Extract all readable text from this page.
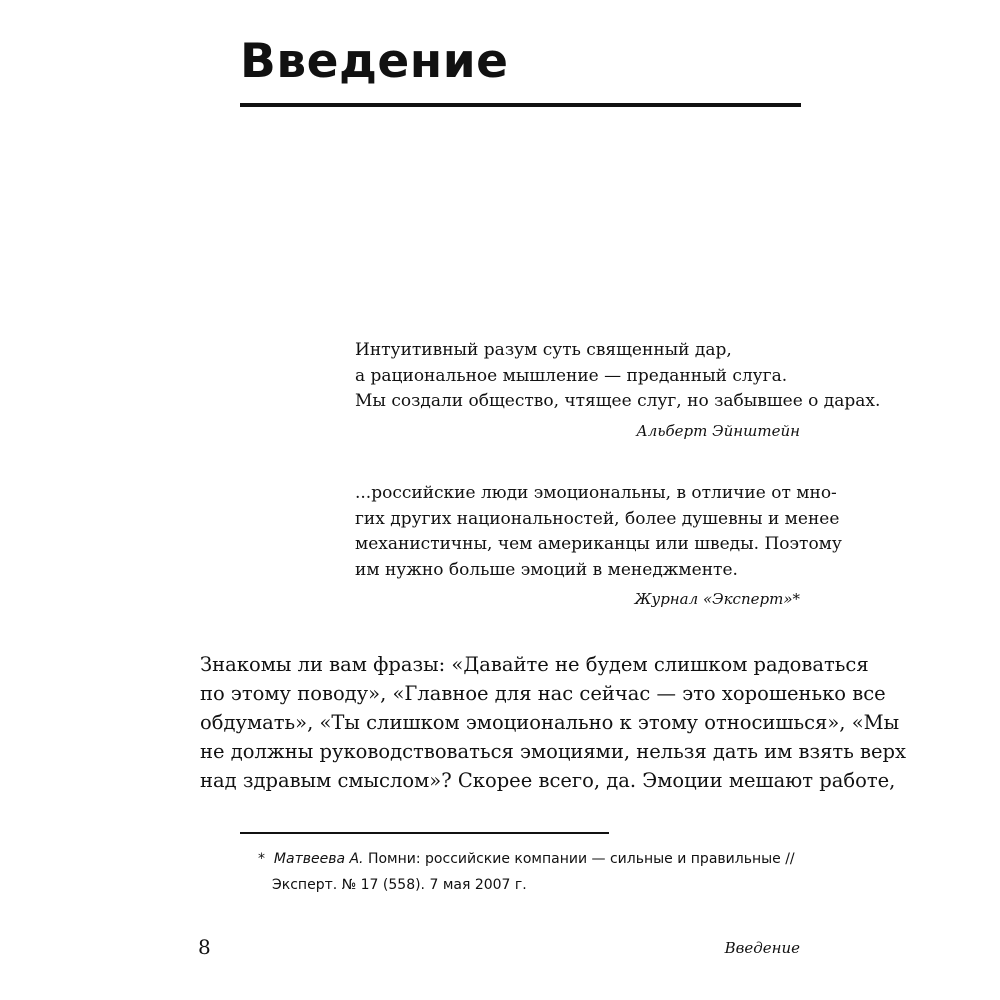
Введение
Интуитивный разум суть священный дар,
а рациональное мышление — преданный слуга.
Мы создали общество, чтящее слуг, но забывшее о дарах.
Альберт Эйнштейн
...российские люди эмоциональны, в отличие от мно-
гих других национальностей, более душевны и менее
механистичны, чем американцы или шведы. Поэтому
им нужно больше эмоций в менеджменте.
Журнал «Эксперт»*
Знакомы ли вам фразы: «Давайте не будем слишком радоваться
по этому поводу», «Главное для нас сейчас — это хорошенько все
обдумать», «Ты слишком эмоционально к этому относишься», «Мы
не должны руководствоваться эмоциями, нельзя дать им взять верх
над здравым смыслом»? Скорее всего, да. Эмоции мешают работе,
* Матвеева А. Помни: российские компании — сильные и правильные //
Эксперт. № 17 (558). 7 мая 2007 г.
8	Введение
